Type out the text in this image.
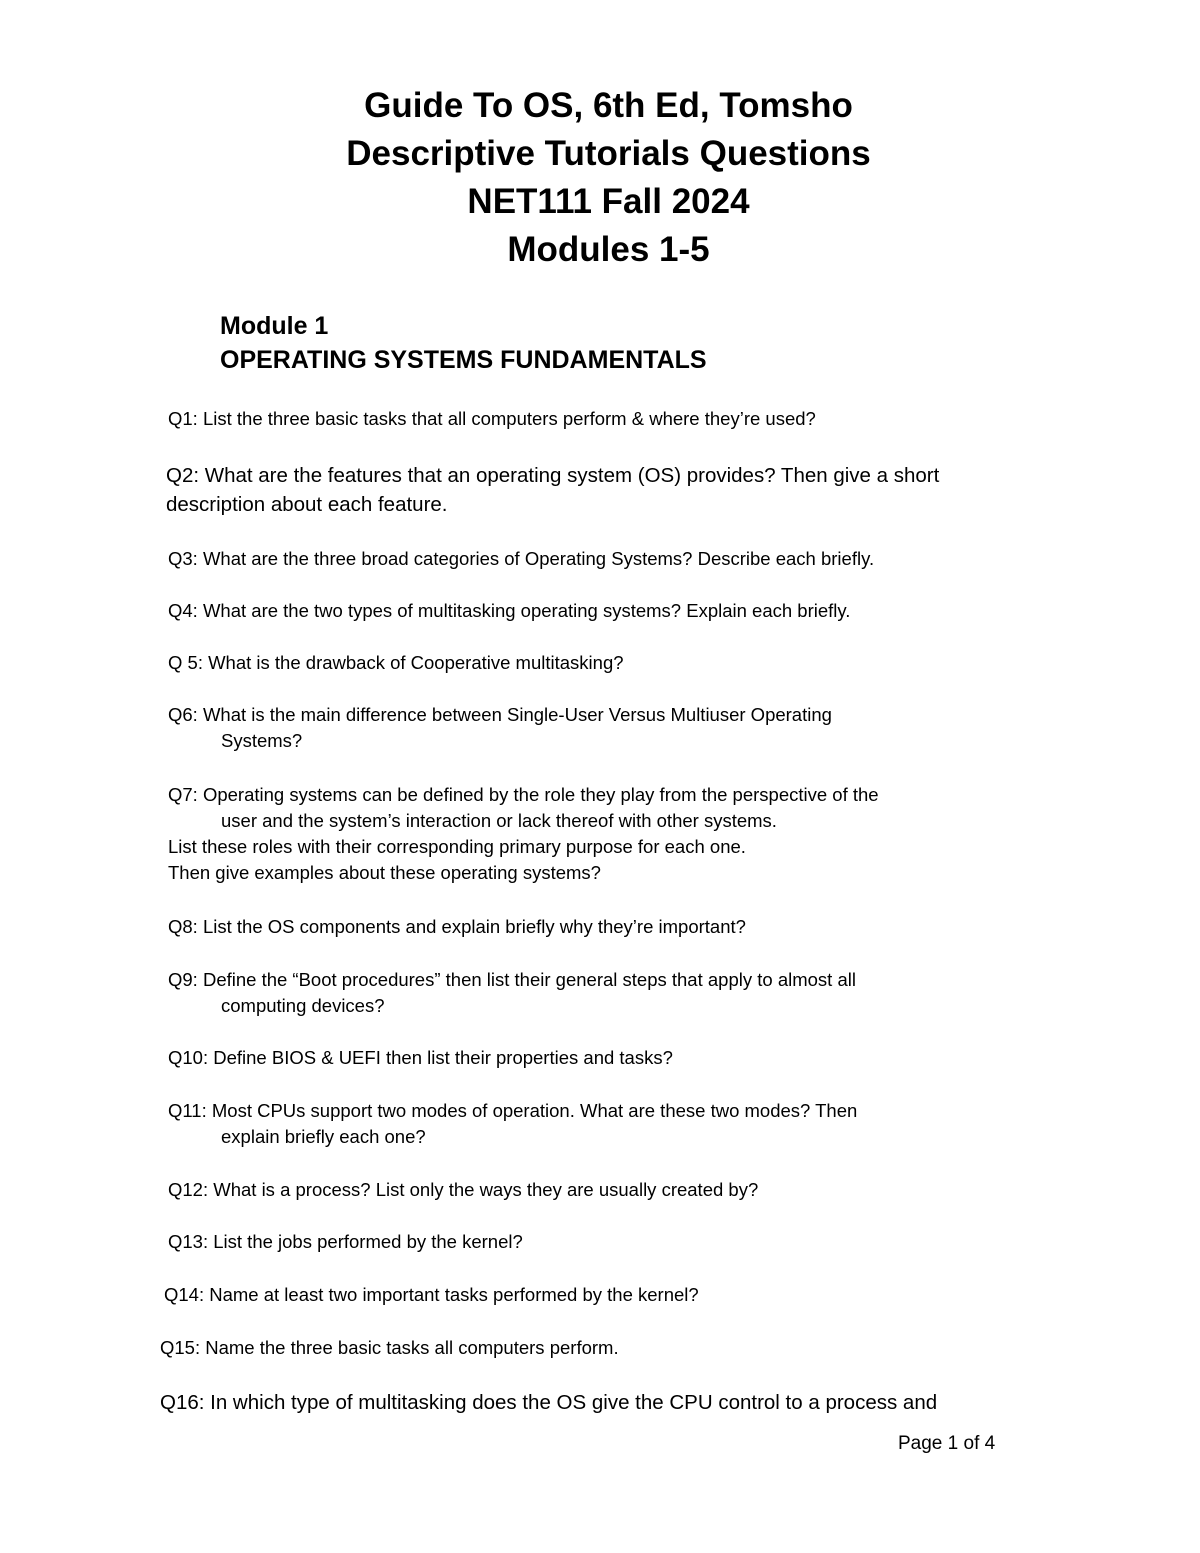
Guide To OS, 6th Ed, Tomsho
Descriptive Tutorials Questions
NET111 Fall 2024
Modules 1-5
Module 1
OPERATING SYSTEMS FUNDAMENTALS
Q1: List the three basic tasks that all computers perform & where they’re used?
Q2: What are the features that an operating system (OS) provides? Then give a short
description about each feature.
Q3: What are the three broad categories of Operating Systems? Describe each briefly.
Q4: What are the two types of multitasking operating systems? Explain each briefly.
Q 5: What is the drawback of Cooperative multitasking?
Q6: What is the main difference between Single-User Versus Multiuser Operating
Systems?
Q7: Operating systems can be defined by the role they play from the perspective of the
user and the system’s interaction or lack thereof with other systems.
List these roles with their corresponding primary purpose for each one.
Then give examples about these operating systems?
Q8: List the OS components and explain briefly why they’re important?
Q9: Define the “Boot procedures” then list their general steps that apply to almost all
computing devices?
Q10: Define BIOS & UEFI then list their properties and tasks?
Q11: Most CPUs support two modes of operation. What are these two modes? Then
explain briefly each one?
Q12: What is a process? List only the ways they are usually created by?
Q13: List the jobs performed by the kernel?
Q14: Name at least two important tasks performed by the kernel?
Q15: Name the three basic tasks all computers perform.
Q16: In which type of multitasking does the OS give the CPU control to a process and
Page 1 of 4
